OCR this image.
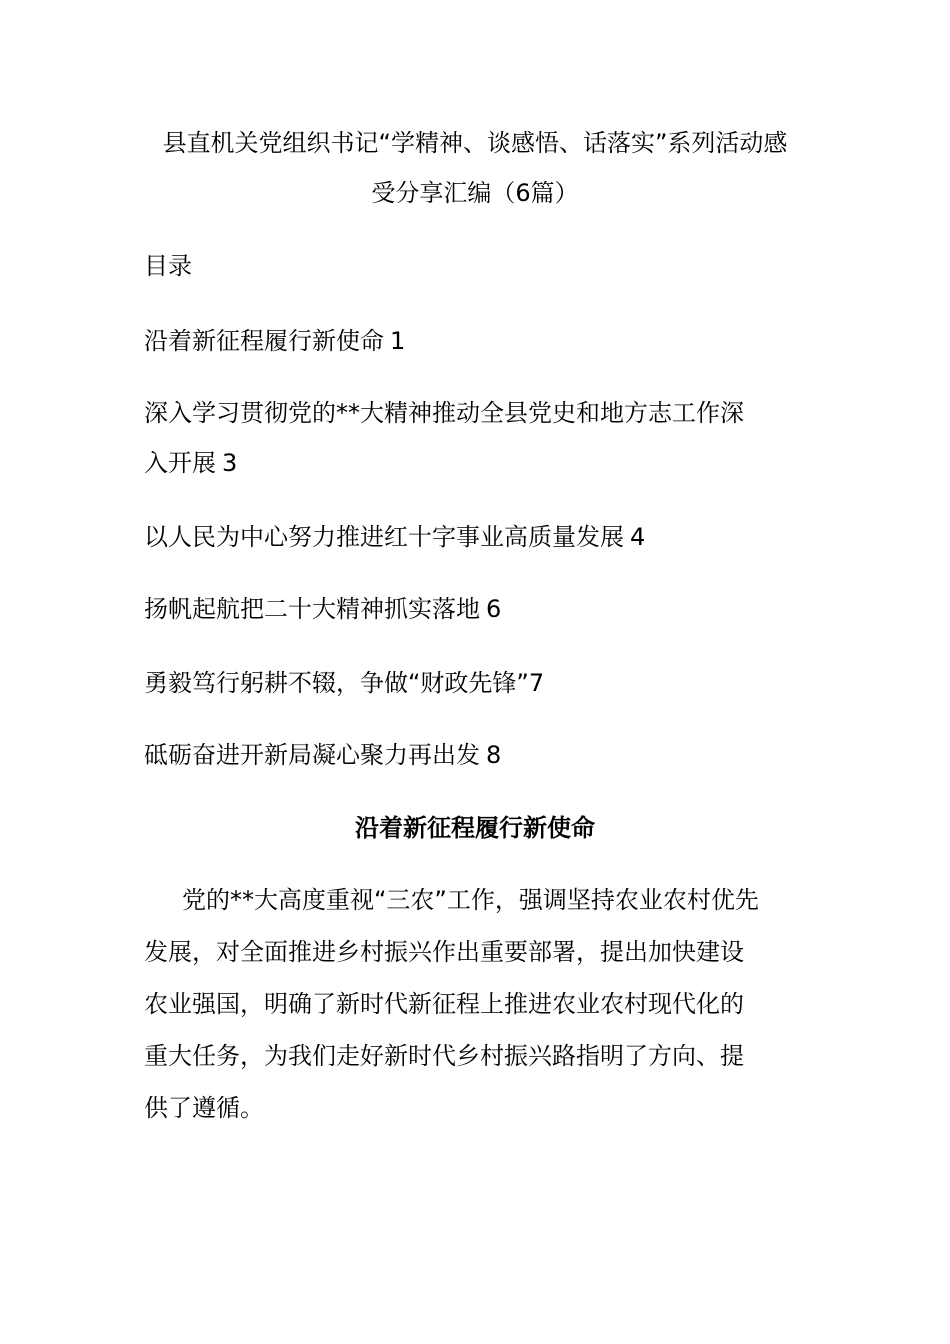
县直机关党组织书记“学精神、谈感悟、话落实”系列活动感
受分享汇编（6篇）
目录
沿着新征程履行新使命 1
深入学习贯彻党的**大精神推动全县党史和地方志工作深
入开展 3
以人民为中心努力推进红十字事业高质量发展 4
扬帆起航把二十大精神抓实落地 6
勇毅笃行躬耕不辍，争做“财政先锋”7
砥砺奋进开新局凝心聚力再出发 8
沿着新征程履行新使命
党的**大高度重视“三农”工作，强调坚持农业农村优先
发展，对全面推进乡村振兴作出重要部署，提出加快建设
农业强国，明确了新时代新征程上推进农业农村现代化的
重大任务，为我们走好新时代乡村振兴路指明了方向、提
供了遵循。
